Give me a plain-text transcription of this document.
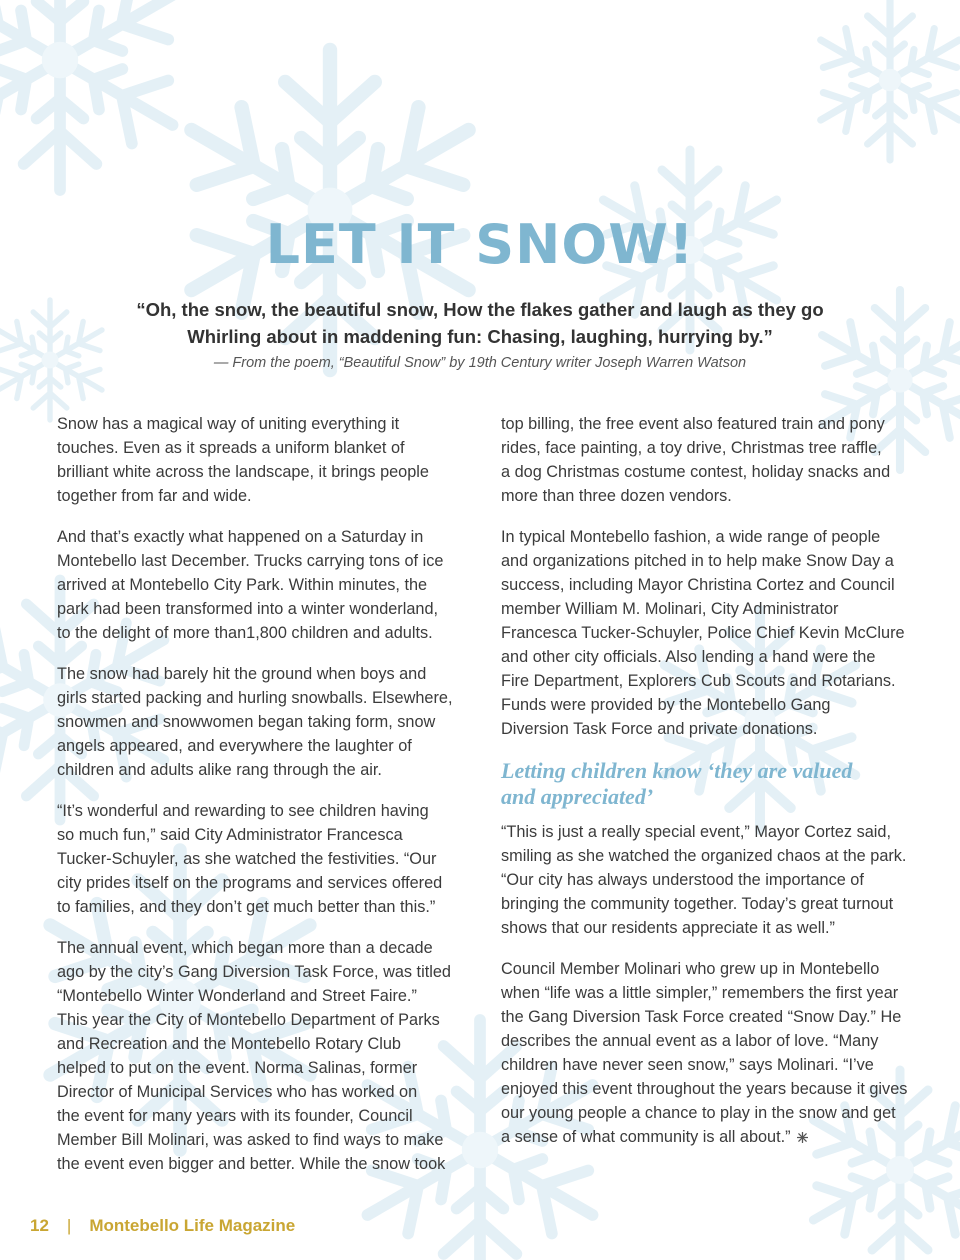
LET IT SNOW!
“Oh, the snow, the beautiful snow, How the flakes gather and laugh as they go
Whirling about in maddening fun: Chasing, laughing, hurrying by.”
— From the poem, “Beautiful Snow” by 19th Century writer Joseph Warren Watson

Snow has a magical way of uniting everything it
touches. Even as it spreads a uniform blanket of
brilliant white across the landscape, it brings people
together from far and wide.

And that’s exactly what happened on a Saturday in
Montebello last December. Trucks carrying tons of ice
arrived at Montebello City Park. Within minutes, the
park had been transformed into a winter wonderland,
to the delight of more than1,800 children and adults.

The snow had barely hit the ground when boys and
girls started packing and hurling snowballs. Elsewhere,
snowmen and snowwomen began taking form, snow
angels appeared, and everywhere the laughter of
children and adults alike rang through the air.

“It’s wonderful and rewarding to see children having
so much fun,” said City Administrator Francesca
Tucker-Schuyler, as she watched the festivities. “Our
city prides itself on the programs and services offered
to families, and they don’t get much better than this.”

The annual event, which began more than a decade
ago by the city’s Gang Diversion Task Force, was titled
“Montebello Winter Wonderland and Street Faire.”
This year the City of Montebello Department of Parks
and Recreation and the Montebello Rotary Club
helped to put on the event. Norma Salinas, former
Director of Municipal Services who has worked on
the event for many years with its founder, Council
Member Bill Molinari, was asked to find ways to make
the event even bigger and better. While the snow took

top billing, the free event also featured train and pony
rides, face painting, a toy drive, Christmas tree raffle,
a dog Christmas costume contest, holiday snacks and
more than three dozen vendors.

In typical Montebello fashion, a wide range of people
and organizations pitched in to help make Snow Day a
success, including Mayor Christina Cortez and Council
member William M. Molinari, City Administrator
Francesca Tucker-Schuyler, Police Chief Kevin McClure
and other city officials. Also lending a hand were the
Fire Department, Explorers Cub Scouts and Rotarians.
Funds were provided by the Montebello Gang
Diversion Task Force and private donations.

Letting children know ‘they are valued
and appreciated’

“This is just a really special event,” Mayor Cortez said,
smiling as she watched the organized chaos at the park.
“Our city has always understood the importance of
bringing the community together. Today’s great turnout
shows that our residents appreciate it as well.”

Council Member Molinari who grew up in Montebello
when “life was a little simpler,” remembers the first year
the Gang Diversion Task Force created “Snow Day.” He
describes the annual event as a labor of love. “Many
children have never seen snow,” says Molinari. “I’ve
enjoyed this event throughout the years because it gives
our young people a chance to play in the snow and get
a sense of what community is all about.”

12 | Montebello Life Magazine
